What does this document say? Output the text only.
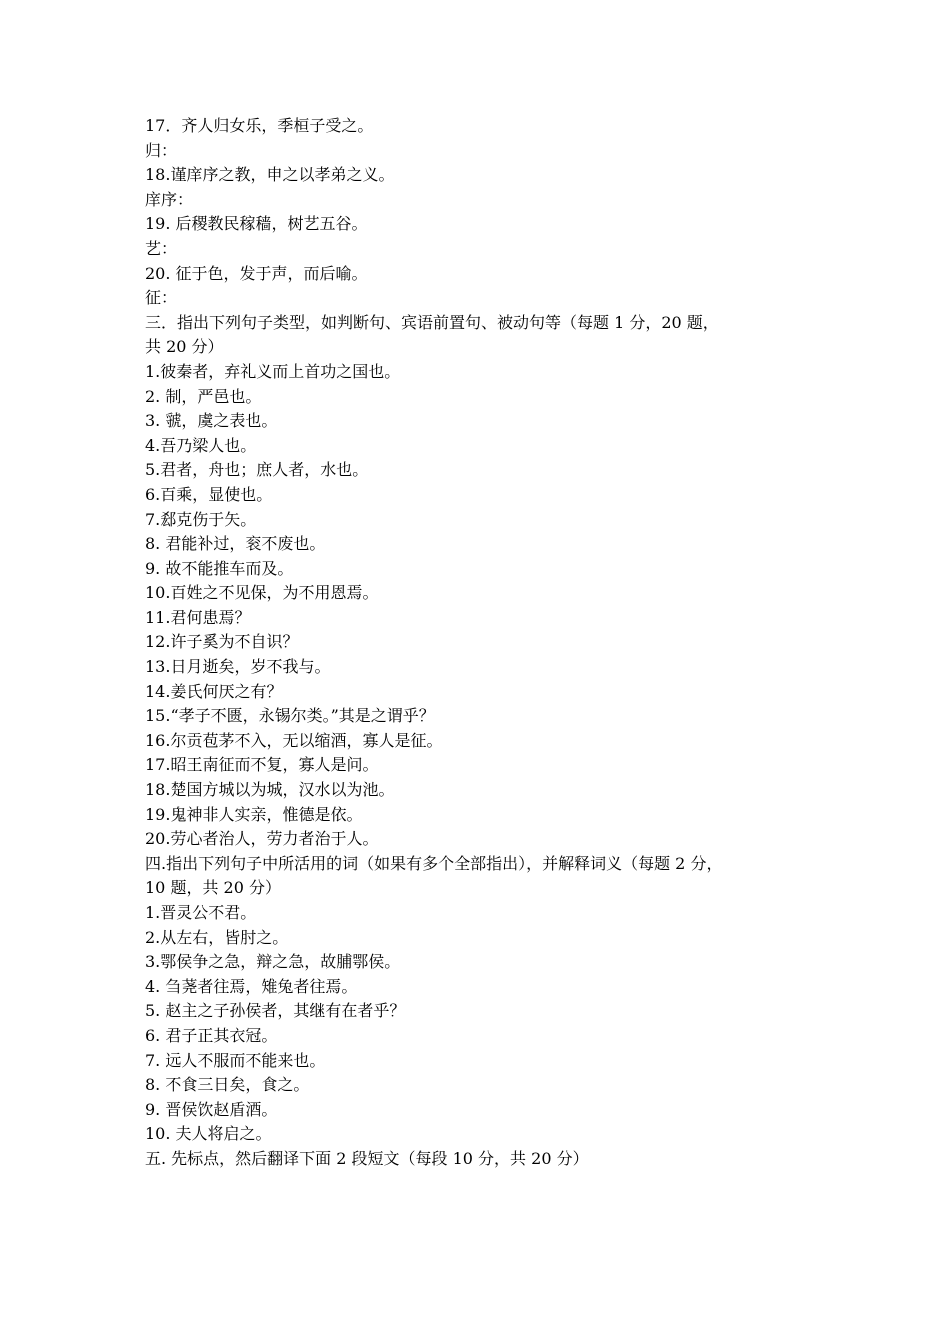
17．齐人归女乐，季桓子受之。

归：

18.谨庠序之教，申之以孝弟之义。

庠序：

19. 后稷教民稼穑，树艺五谷。

艺：

20. 征于色，发于声，而后喻。

征：

三．指出下列句子类型，如判断句、宾语前置句、被动句等（每题 1 分，20 题，

共 20 分）

1.彼秦者，弃礼义而上首功之国也。

2. 制，严邑也。

3. 虢，虞之表也。

4.吾乃梁人也。

5.君者，舟也；庶人者，水也。

6.百乘，显使也。

7.郄克伤于矢。

8. 君能补过，衮不废也。

9. 故不能推车而及。

10.百姓之不见保，为不用恩焉。

11.君何患焉？

12.许子奚为不自识？

13.日月逝矣，岁不我与。

14.姜氏何厌之有？

15.“孝子不匮，永锡尔类。”其是之谓乎？

16.尔贡苞茅不入，无以缩酒，寡人是征。

17.昭王南征而不复，寡人是问。

18.楚国方城以为城，汉水以为池。

19.鬼神非人实亲，惟德是依。

20.劳心者治人，劳力者治于人。

四.指出下列句子中所活用的词（如果有多个全部指出），并解释词义（每题 2 分，

10 题，共 20 分）

1.晋灵公不君。

2.从左右，皆肘之。

3.鄂侯争之急，辩之急，故脯鄂侯。

4. 刍荛者往焉，雉兔者往焉。

5. 赵主之子孙侯者，其继有在者乎？

6. 君子正其衣冠。

7. 远人不服而不能来也。

8. 不食三日矣，食之。

9. 晋侯饮赵盾酒。

10. 夫人将启之。

五. 先标点，然后翻译下面 2 段短文（每段 10 分，共 20 分）
